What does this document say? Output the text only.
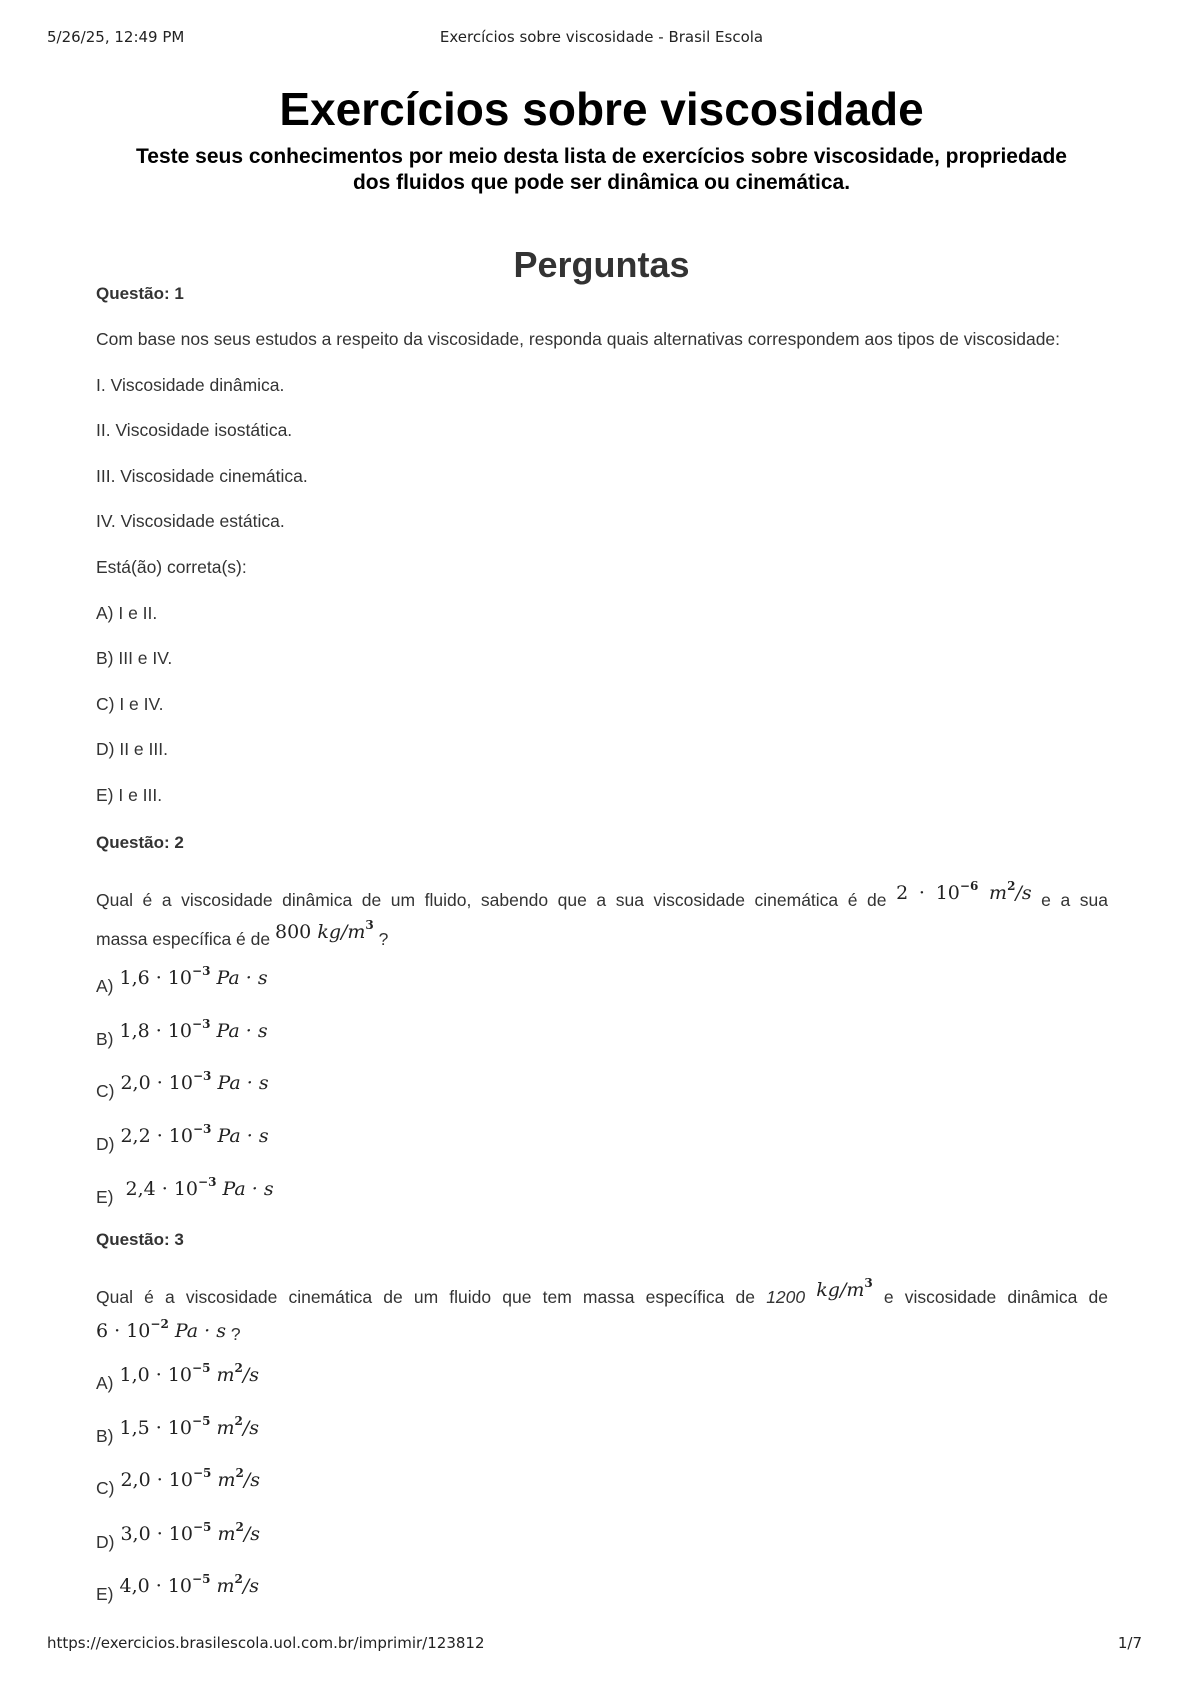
5/26/25, 12:49 PM	Exercícios sobre viscosidade - Brasil Escola
Exercícios sobre viscosidade
Teste seus conhecimentos por meio desta lista de exercícios sobre viscosidade, propriedade
dos fluidos que pode ser dinâmica ou cinemática.
Perguntas

Questão: 1

Com base nos seus estudos a respeito da viscosidade, responda quais alternativas correspondem aos tipos de viscosidade:

I. Viscosidade dinâmica.

II. Viscosidade isostática.

III. Viscosidade cinemática.

IV. Viscosidade estática.

Está(ão) correta(s):

A) I e II.

B) III e IV.

C) I e IV.

D) II e III.

E) I e III.

Questão: 2

Qual é a viscosidade dinâmica de um fluido, sabendo que a sua viscosidade cinemática é de $2 \cdot 10^{-6}$ $m^2/s$ e a sua
massa específica é de 800 $kg/m^3$ ?
A) $1,6 \cdot 10^{-3}$ Pa · s
B) $1,8 \cdot 10^{-3}$ Pa · s
C) $2,0 \cdot 10^{-3}$ Pa · s
D) $2,2 \cdot 10^{-3}$ Pa · s
E) $2,4 \cdot 10^{-3}$ Pa · s

Questão: 3

Qual é a viscosidade cinemática de um fluido que tem massa específica de 1200 $kg/m^3$ e viscosidade dinâmica de
$6 \cdot 10^{-2}$ Pa · s ?
A) $1,0 \cdot 10^{-5}$ $m^2/s$
B) $1,5 \cdot 10^{-5}$ $m^2/s$
C) $2,0 \cdot 10^{-5}$ $m^2/s$
D) $3,0 \cdot 10^{-5}$ $m^2/s$
E) $4,0 \cdot 10^{-5}$ $m^2/s$
https://exercicios.brasilescola.uol.com.br/imprimir/123812	1/7
